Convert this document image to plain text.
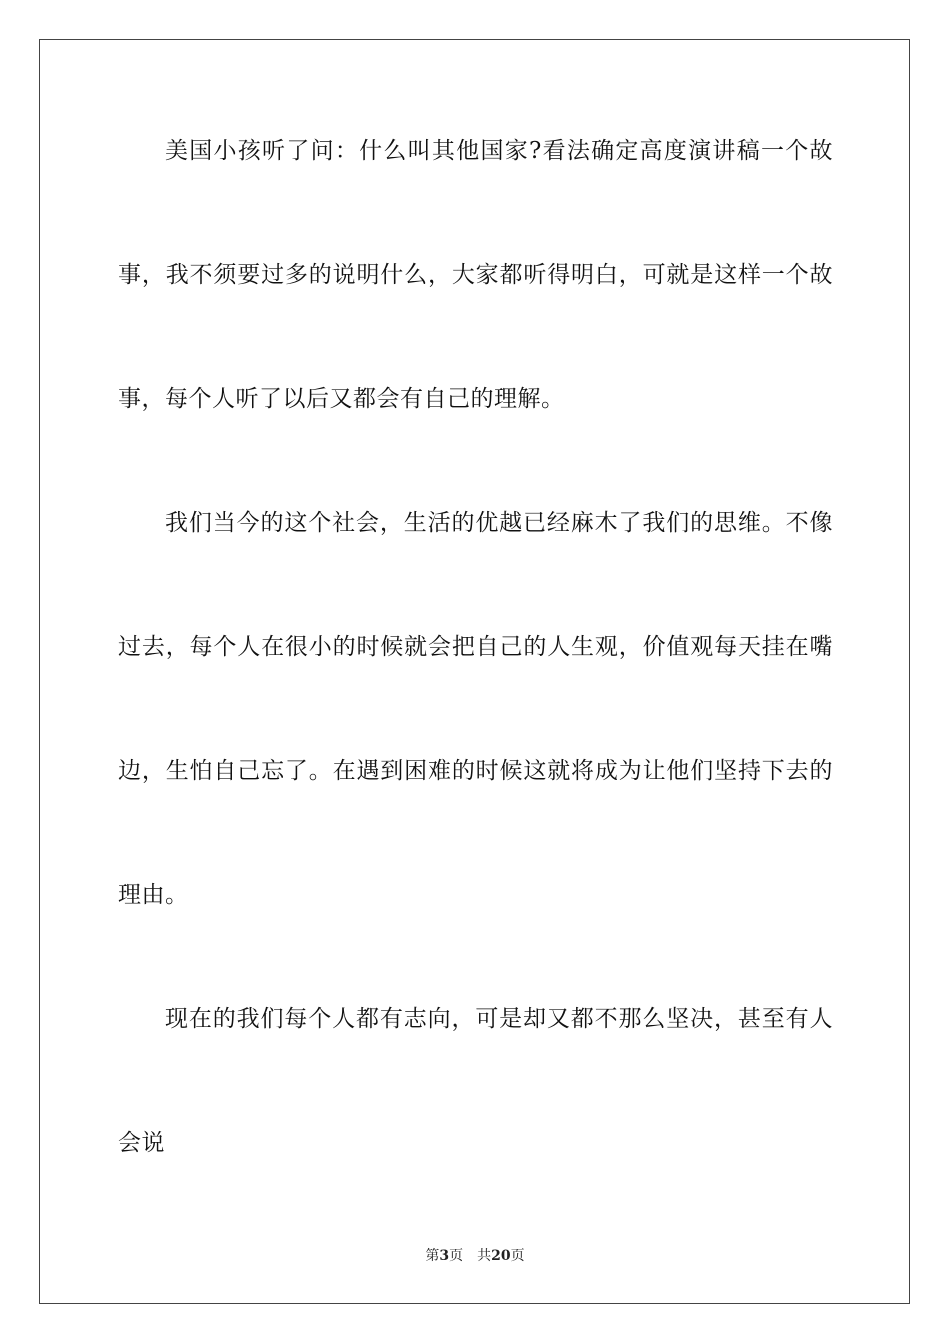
美国小孩听了问：什么叫其他国家?看法确定高度演讲稿一个故
事，我不须要过多的说明什么，大家都听得明白，可就是这样一个故
事，每个人听了以后又都会有自己的理解。
我们当今的这个社会，生活的优越已经麻木了我们的思维。不像
过去，每个人在很小的时候就会把自己的人生观，价值观每天挂在嘴
边，生怕自己忘了。在遇到困难的时候这就将成为让他们坚持下去的
理由。
现在的我们每个人都有志向，可是却又都不那么坚决，甚至有人
会说
第3页 共20页
